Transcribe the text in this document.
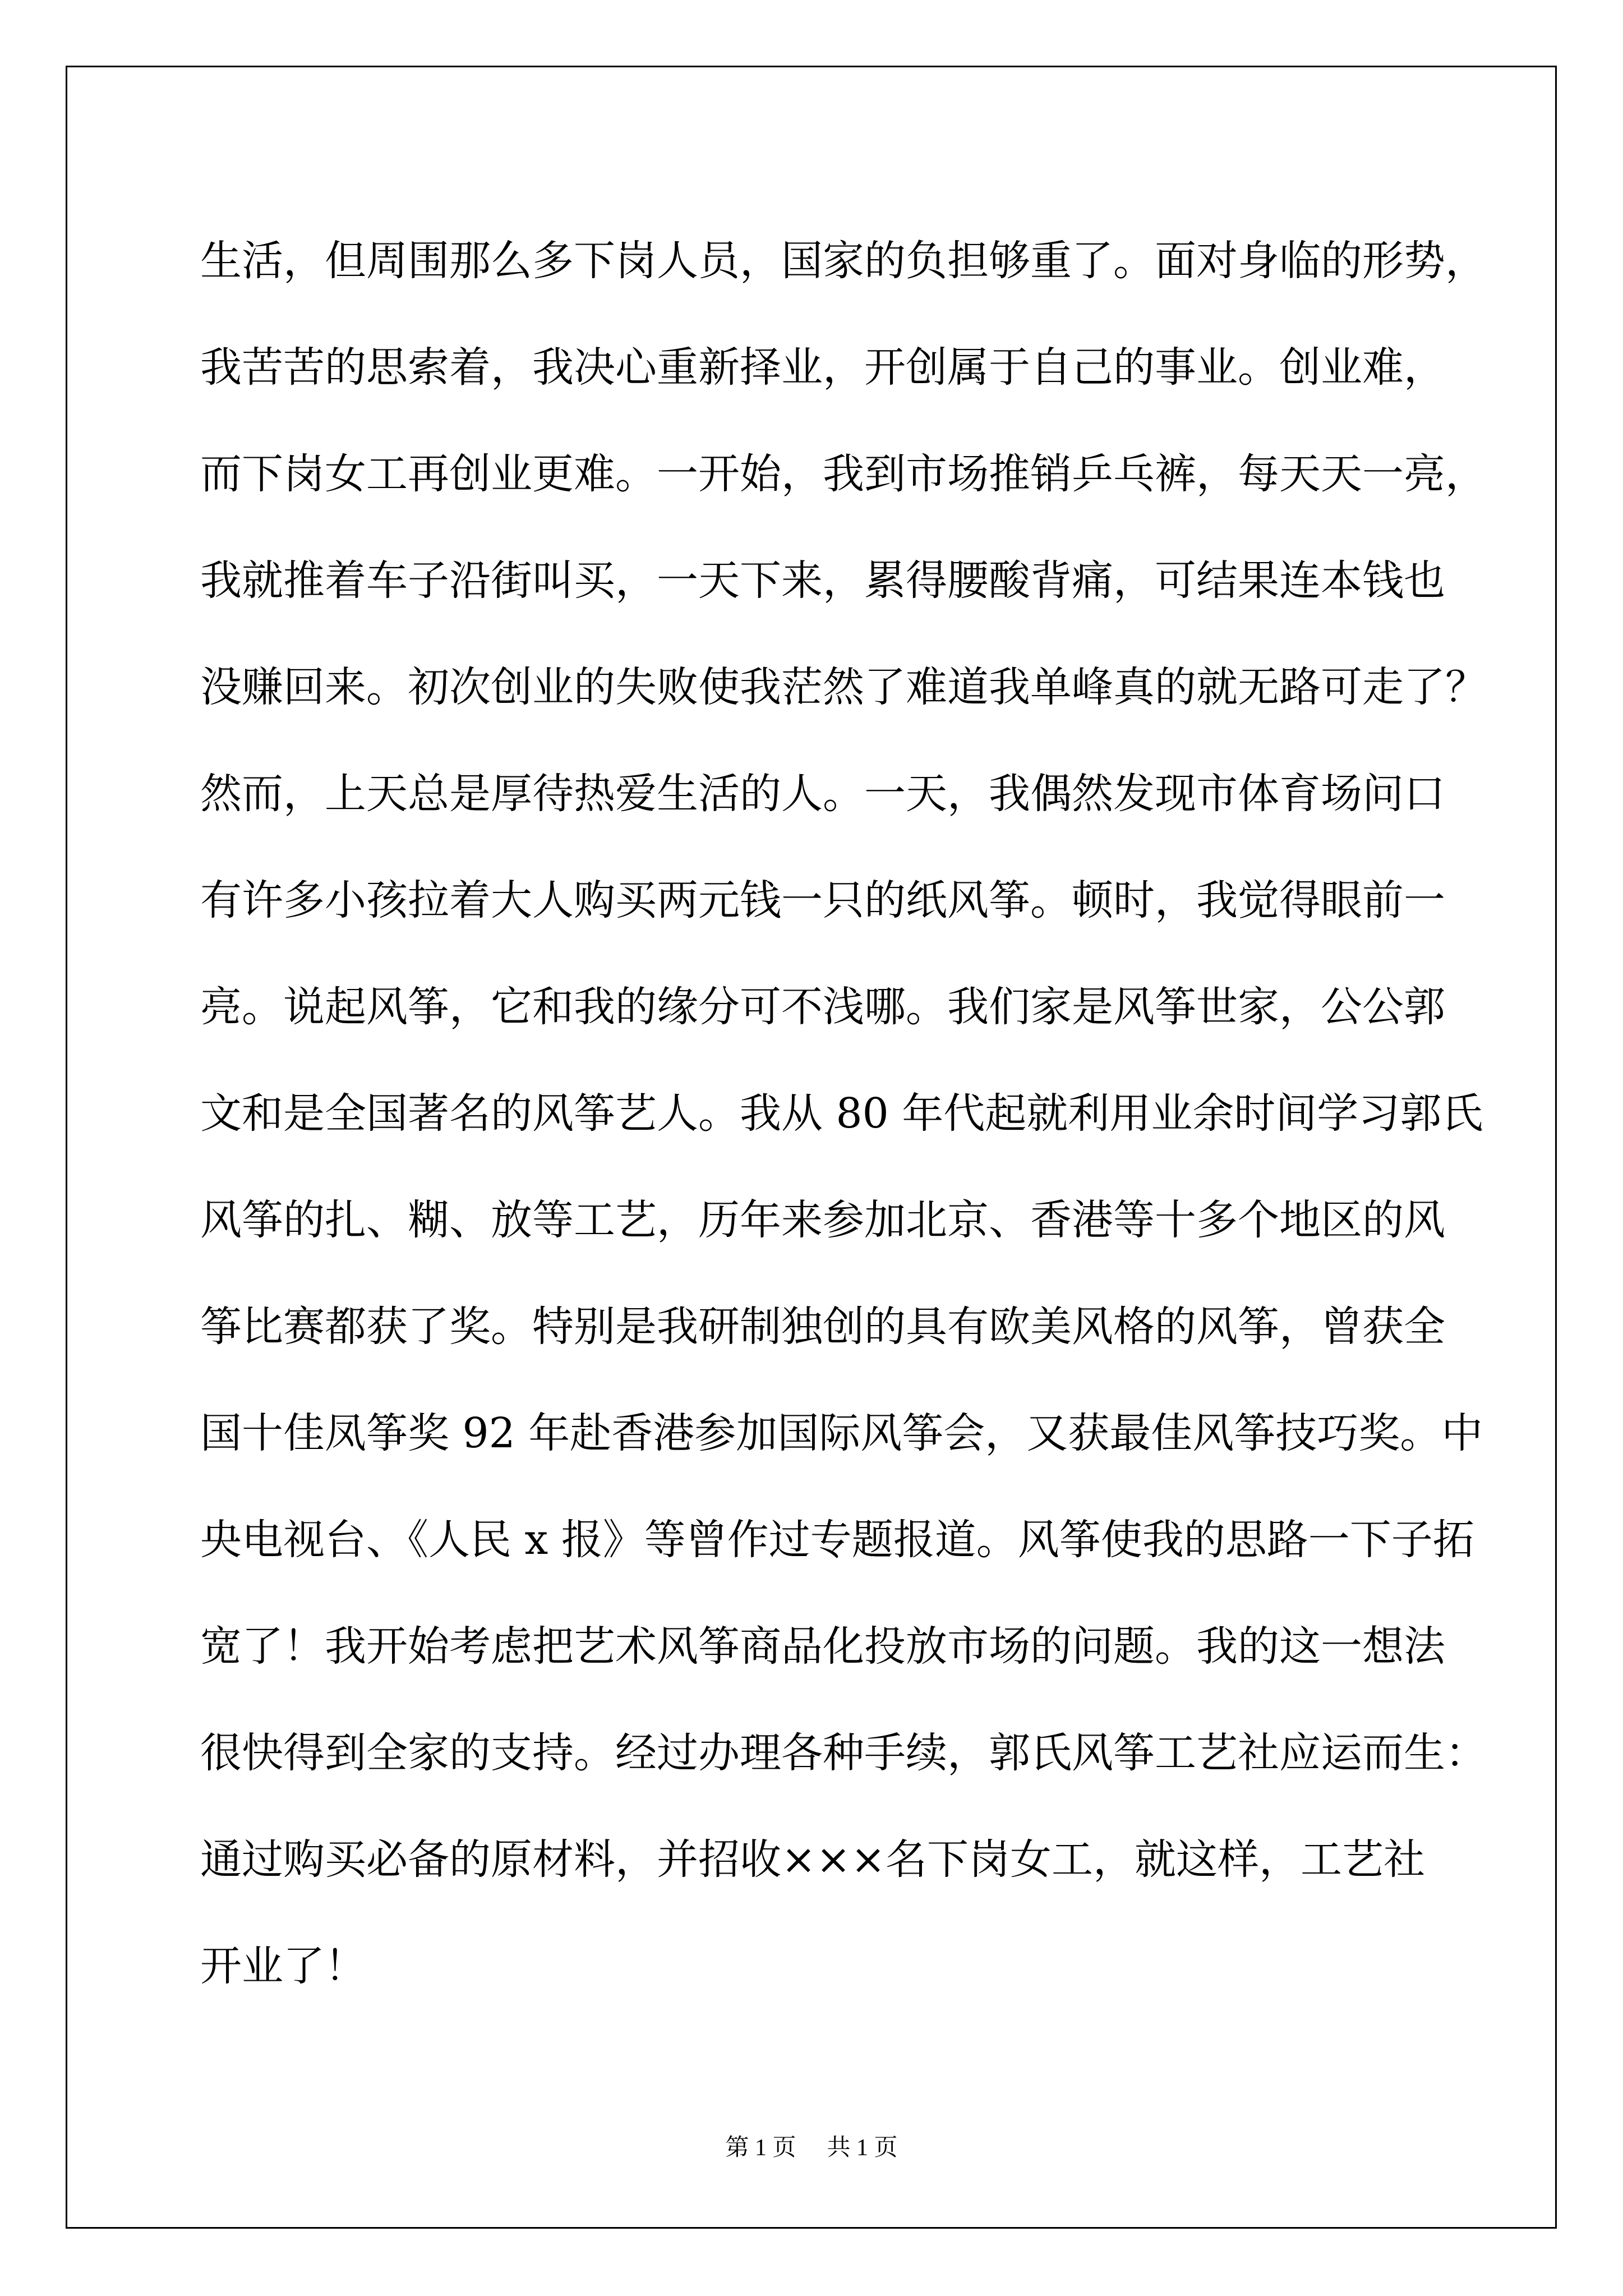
生活，但周围那么多下岗人员，国家的负担够重了。面对身临的形势，
我苦苦的思索着，我决心重新择业，开创属于自己的事业。创业难，
而下岗女工再创业更难。一开始，我到市场推销乒乓裤，每天天一亮，
我就推着车子沿街叫买，一天下来，累得腰酸背痛，可结果连本钱也
没赚回来。初次创业的失败使我茫然了难道我单峰真的就无路可走了？
然而，上天总是厚待热爱生活的人。一天，我偶然发现市体育场问口
有许多小孩拉着大人购买两元钱一只的纸风筝。顿时，我觉得眼前一
亮。说起风筝，它和我的缘分可不浅哪。我们家是风筝世家，公公郭
文和是全国著名的风筝艺人。我从 80 年代起就利用业余时间学习郭氏
风筝的扎、糊、放等工艺，历年来参加北京、香港等十多个地区的风
筝比赛都获了奖。特别是我研制独创的具有欧美风格的风筝，曾获全
国十佳凤筝奖 92 年赴香港参加国际风筝会，又获最佳风筝技巧奖。中
央电视台、《人民 x 报》等曾作过专题报道。风筝使我的思路一下子拓
宽了！我开始考虑把艺术风筝商品化投放市场的问题。我的这一想法
很快得到全家的支持。经过办理各种手续，郭氏风筝工艺社应运而生：
通过购买必备的原材料，并招收×××名下岗女工，就这样，工艺社
开业了！
第 1 页 共 1 页
